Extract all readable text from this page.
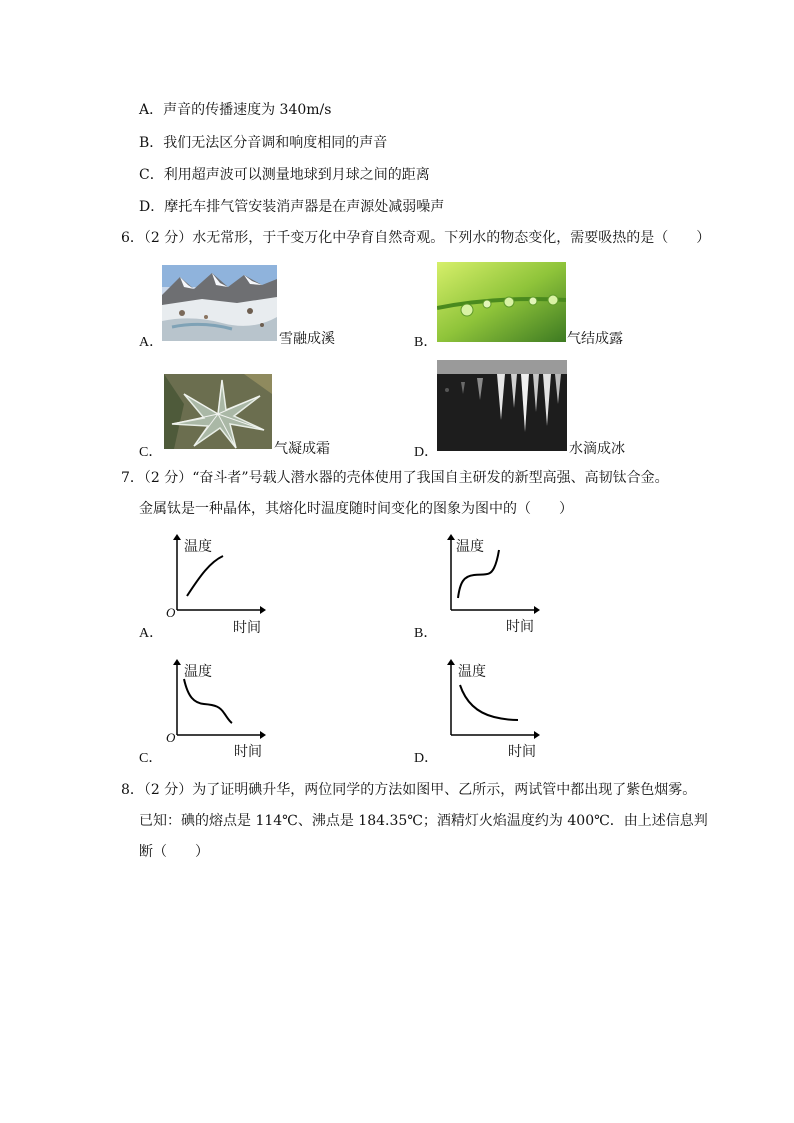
A．声音的传播速度为 340m/s
B．我们无法区分音调和响度相同的声音
C．利用超声波可以测量地球到月球之间的距离
D．摩托车排气管安装消声器是在声源处减弱噪声
6．（2 分）水无常形，于千变万化中孕育自然奇观。下列水的物态变化，需要吸热的是（　　）
A．	雪融成溪	B．	气结成露
C．	气凝成霜	D．	水滴成冰
7．（2 分）“奋斗者”号载人潜水器的壳体使用了我国自主研发的新型高强、高韧钛合金。
金属钛是一种晶体，其熔化时温度随时间变化的图象为图中的（　　）
温度
时间
O
A．
温度
时间
B．
温度
时间
O
C．
温度
时间
D．
8．（2 分）为了证明碘升华，两位同学的方法如图甲、乙所示，两试管中都出现了紫色烟雾。
已知：碘的熔点是 114℃、沸点是 184.35℃；酒精灯火焰温度约为 400℃．由上述信息判
断（　　）
